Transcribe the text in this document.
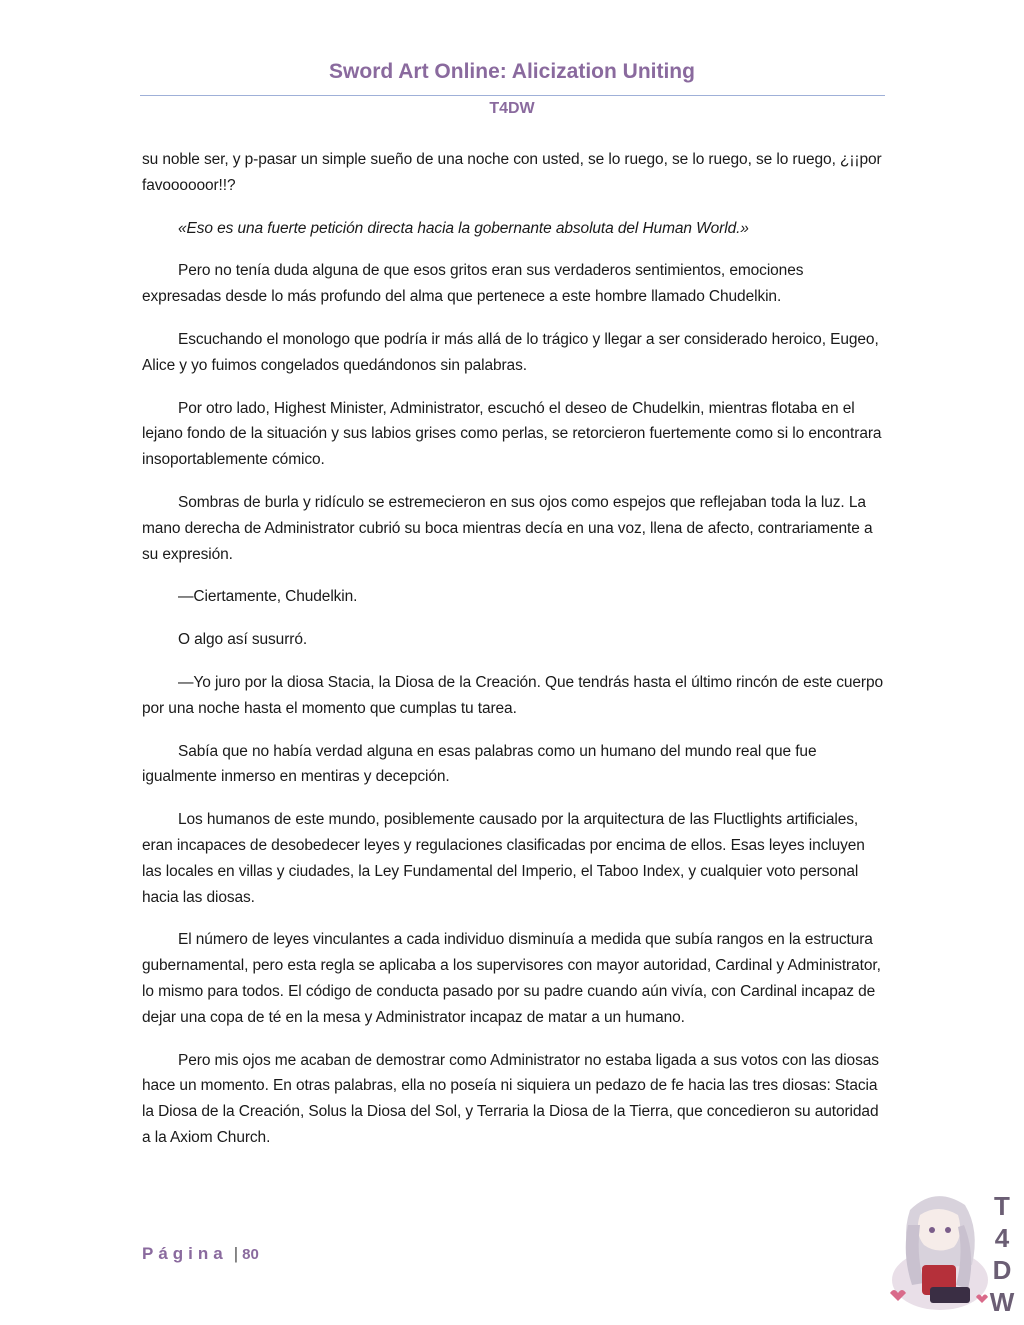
Sword Art Online: Alicization Uniting
T4DW

su noble ser, y p-pasar un simple sueño de una noche con usted, se lo ruego, se lo ruego, se lo ruego, ¿¡¡por favoooooor!!?

«Eso es una fuerte petición directa hacia la gobernante absoluta del Human World.»

Pero no tenía duda alguna de que esos gritos eran sus verdaderos sentimientos, emociones expresadas desde lo más profundo del alma que pertenece a este hombre llamado Chudelkin.

Escuchando el monologo que podría ir más allá de lo trágico y llegar a ser considerado heroico, Eugeo, Alice y yo fuimos congelados quedándonos sin palabras.

Por otro lado, Highest Minister, Administrator, escuchó el deseo de Chudelkin, mientras flotaba en el lejano fondo de la situación y sus labios grises como perlas, se retorcieron fuertemente como si lo encontrara insoportablemente cómico.

Sombras de burla y ridículo se estremecieron en sus ojos como espejos que reflejaban toda la luz. La mano derecha de Administrator cubrió su boca mientras decía en una voz, llena de afecto, contrariamente a su expresión.

—Ciertamente, Chudelkin.

O algo así susurró.

—Yo juro por la diosa Stacia, la Diosa de la Creación. Que tendrás hasta el último rincón de este cuerpo por una noche hasta el momento que cumplas tu tarea.

Sabía que no había verdad alguna en esas palabras como un humano del mundo real que fue igualmente inmerso en mentiras y decepción.

Los humanos de este mundo, posiblemente causado por la arquitectura de las Fluctlights artificiales, eran incapaces de desobedecer leyes y regulaciones clasificadas por encima de ellos. Esas leyes incluyen las locales en villas y ciudades, la Ley Fundamental del Imperio, el Taboo Index, y cualquier voto personal hacia las diosas.

El número de leyes vinculantes a cada individuo disminuía a medida que subía rangos en la estructura gubernamental, pero esta regla se aplicaba a los supervisores con mayor autoridad, Cardinal y Administrator, lo mismo para todos. El código de conducta pasado por su padre cuando aún vivía, con Cardinal incapaz de dejar una copa de té en la mesa y Administrator incapaz de matar a un humano.

Pero mis ojos me acaban de demostrar como Administrator no estaba ligada a sus votos con las diosas hace un momento. En otras palabras, ella no poseía ni siquiera un pedazo de fe hacia las tres diosas: Stacia la Diosa de la Creación, Solus la Diosa del Sol, y Terraria la Diosa de la Tierra, que concedieron su autoridad a la Axiom Church.

Página | 80
T
4
D
W
